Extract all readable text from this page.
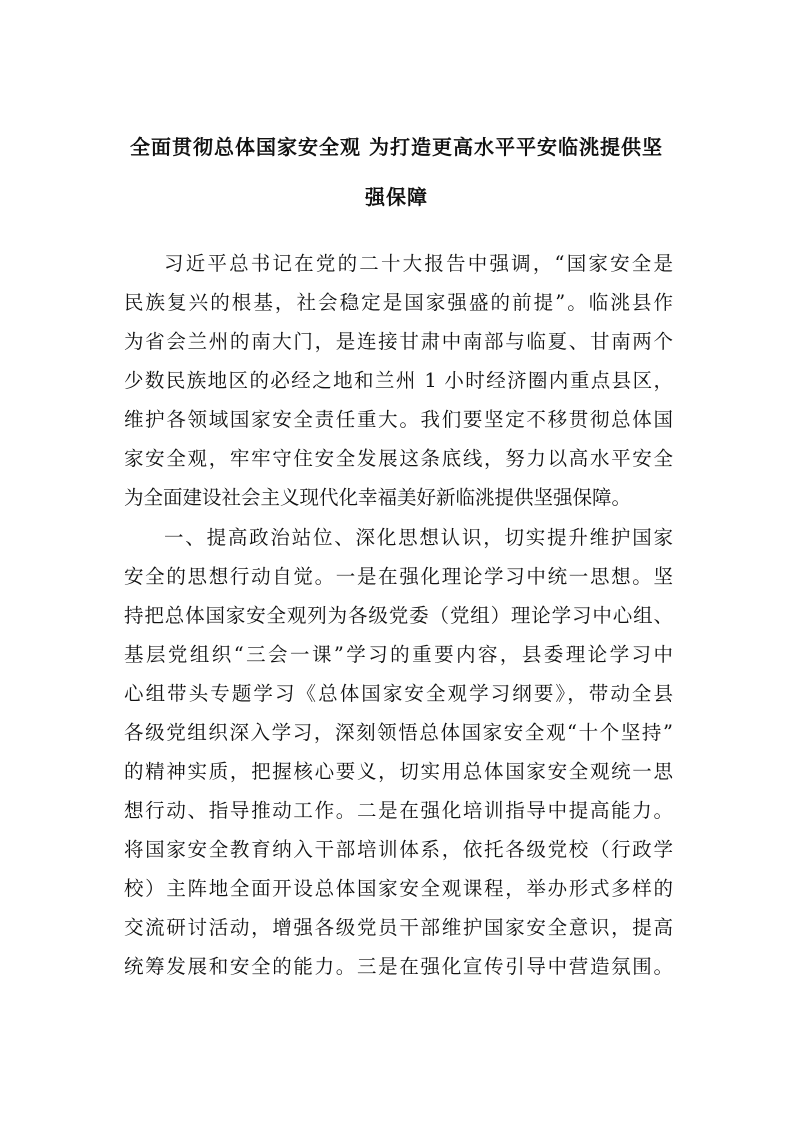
全面贯彻总体国家安全观 为打造更高水平平安临洮提供坚
强保障
习近平总书记在党的二十大报告中强调，“国家安全是
民族复兴的根基，社会稳定是国家强盛的前提”。临洮县作
为省会兰州的南大门，是连接甘肃中南部与临夏、甘南两个
少数民族地区的必经之地和兰州 1 小时经济圈内重点县区，
维护各领域国家安全责任重大。我们要坚定不移贯彻总体国
家安全观，牢牢守住安全发展这条底线，努力以高水平安全
为全面建设社会主义现代化幸福美好新临洮提供坚强保障。
一、提高政治站位、深化思想认识，切实提升维护国家
安全的思想行动自觉。一是在强化理论学习中统一思想。坚
持把总体国家安全观列为各级党委（党组）理论学习中心组、
基层党组织“三会一课”学习的重要内容，县委理论学习中
心组带头专题学习《总体国家安全观学习纲要》，带动全县
各级党组织深入学习，深刻领悟总体国家安全观“十个坚持”
的精神实质，把握核心要义，切实用总体国家安全观统一思
想行动、指导推动工作。二是在强化培训指导中提高能力。
将国家安全教育纳入干部培训体系，依托各级党校（行政学
校）主阵地全面开设总体国家安全观课程，举办形式多样的
交流研讨活动，增强各级党员干部维护国家安全意识，提高
统筹发展和安全的能力。三是在强化宣传引导中营造氛围。
